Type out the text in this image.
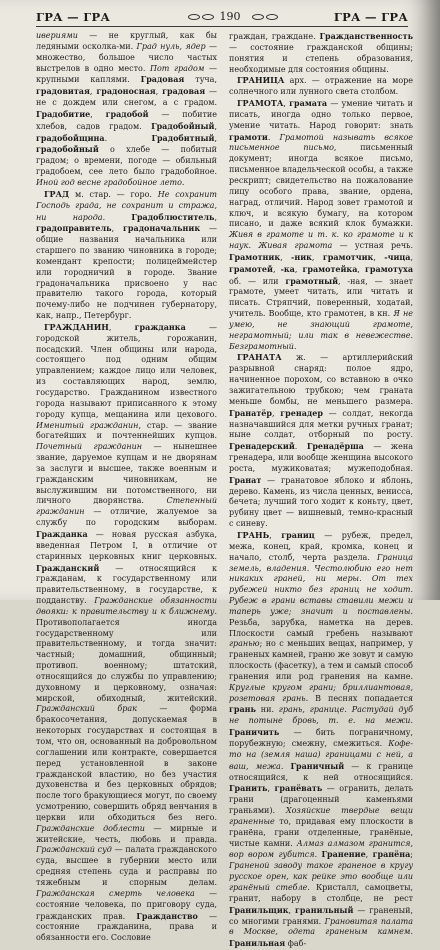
ГРА — ГРА	190	ГРА — ГРА

ивериями — не круглый, как бы ледяными осколка-ми. Град нуль, ядер — множество, большое число частых выстрелов в одно место. Пот градом — крупными каплями. Градовая туча, градовитая, градоносная, градовая — не с дождем или снегом, а с градом. Градобитие, градобой — побитие хлебов, садов градом. Градобойный, градобойщина. Градобитный, градобойный о хлебе — побитый градом; о времени, погоде — обильный градобоем, сее лето было градобойное. Иной год весне градобойное лето.

ГРАД м. стар. — горо. Не сохранит Господь града, не сохранит и стража, ни народа. Градоблюститель, градоправитель, градоначальник — общие названия начальника или старшего по званию чиновника в городе; комендант крепости; полицеймейстер или городничий в городе. Звание градоначальника присвоено у нас правителю такого города, который почему-либо не подчинен губернатору, как, напр., Петербург.

ГРАЖДАНИН, гражданка — городской житель, горожанин, посадский. Член общины или народа, состоящего под одним общим управлением; каждое лицо или человек, из составляющих народ, землю, государство. Гражданином известного города называют приписанного к этому городу купца, мещанина или цехового. Именитый гражданин, стар. — звание богатейших и почтеннейших купцов. Почетный гражданин — нынешнее звание, даруемое купцам и не дворянам за заслуги и высшее, также военным и гражданским чиновникам, не выслужившим ни потомственного, ни личного дворянства. Степенный гражданин — отличие, жалуемое за службу по городским выборам. Гражданка — новая русская азбука, введенная Петром I, в отличие от старинных церковных книг церковных. Гражданский — относящийся к гражданам, к государственному или правительственному, в государстве, к подданству. Гражданские обязанности двояки: к правительству и к ближнему. Противополагается иногда государственному или правительственному, и тогда значит: частный; домашний, общинный; противоп. военному; штатский, относящийся до службы по управлению; духовному и церковному, означая: мирской, обиходный, житейский. Гражданский брак — форма бракосочетания, допускаемая в некоторых государствах и состоящая в том, что он, основанный на добровольном соглашении или контракте, совершается перед установленной в законе гражданской властию, но без участия духовенства и без церковных обрядов; после того бракующиеся могут, по своему усмотрению, совершить обряд венчания в церкви или обходиться без него. Гражданские доблести — мирные и житейские, честь, любовь и правда. Гражданский суд — палата гражданского суда, высшее в губернии место или средняя степень суда и расправы по тяжебным и спорным делам. Гражданская смерть человека — состояние человека, по приговору суда, гражданских прав. Гражданство — состояние гражданина, права и обязанности его. Сословие

граждан, граждане. Гражданственность — состояние гражданской общины; понятия и степень образования, необходимые для состояния общины.

ГРАНИЦА арх. — отражение на море солнечного или лунного света столбом.

ГРАМОТА, грамата — умение читать и писать, иногда одно только первое, умение читать. Народ говорит: знать грамоти. Грамотой называть всякое письменное письмо, письменный документ; иногда всякое письмо, письменное владельческой особы, а также рескрипт; свидетельство на пожалование лицу особого права, звание, ордена, наград, отличий. Народ зовет грамотой и ключ, и всякую бумагу, на котором писано, и даже всякий клок бумажки. Живя в грамоте и т. к. ко грамоте и к наук. Живая грамота — устная речь. Грамотник, -ник, грамотчик, -чица, грамотей, -ка, грамотейка, грамотуха об. — или грамотный, -ная, — знает грамоте, умеет читать, или читать и писать. Стряпчий, поверенный, ходатай, учитель. Вообще, кто грамотен, в кн. Я не умею, не знающий грамоте, неграмотный; или так в невежестве. Безграмотный.

ГРАНАТА ж. — артиллерийский разрывной снаряд: полое ядро, начиненное порохом, со вставною в очко зажигательною трубкою; чем граната меньше бомбы, не меньшего размера. Гранатёр, гренадер — солдат, некогда назначавшийся для метки ручных гранат; ныне солдат, отборный по росту. Гренадерский. Гренадёрша — жена гренадера, или вообще женщина высокого роста, мужиковатая; мужеподобная. Гранат — гранатовое яблоко и яблонь, дерево. Камень, из числа ценных, венисса, бечета; лучший того ходит к коньту, цвет, рубину цвет — вишневый, темно-красный с синеву.

ГРАНЬ, границ — рубеж, предел, межа, конец, край, кромка, конец и начало, столб, черта раздела. Граница земель, владения. Честолюбию его нет никаких граней, ни меры. От тех рубежей никто без границ не ходит. Рубеж в грани вставы ставили межи и таперь уже; значит и поставлены. Резьба, зарубка, наметка на дерев. Плоскости самый гребень называют гранью; но с меньших вещах, например, у граненых камней, граню же зовут и самую плоскость (фасетку), а тем и самый способ гранения или род гранения на камне. Круглые кругом грани; бриллиантовая, розетовая грань. В песнях попадается грань ни. грань, границе. Растудай дуб не потыне бровь, т. е. на межи. Граничить — бить пограничному, порубежную; смежну, смежиться. Кофе-то на (земля наша) границами с ней, а ваш, межа. Граничный — к границе относящийся, к ней относящийся. Гранить, гранёвать — огранить, делать грани (драгоценный каменьями граньями). Хозяйские твердые вещи граненные то, придавая ему плоскости в гранёна, грани отделенные, гранёные, чистые камни. Алмаз алмазом гранится, вор вором губится. Гранение, гранёна; Граненой заводу такое граненое в кругу русское орен, как рейке это вообще или гранёный стебле. Кристалл, самоцветы, гранит, набору в столбце, не рест Гранильщик, гранильный — граненый, со многими гранями. Грановитая палата в Москве, одета граненым камнем. Гранильная фаб-
